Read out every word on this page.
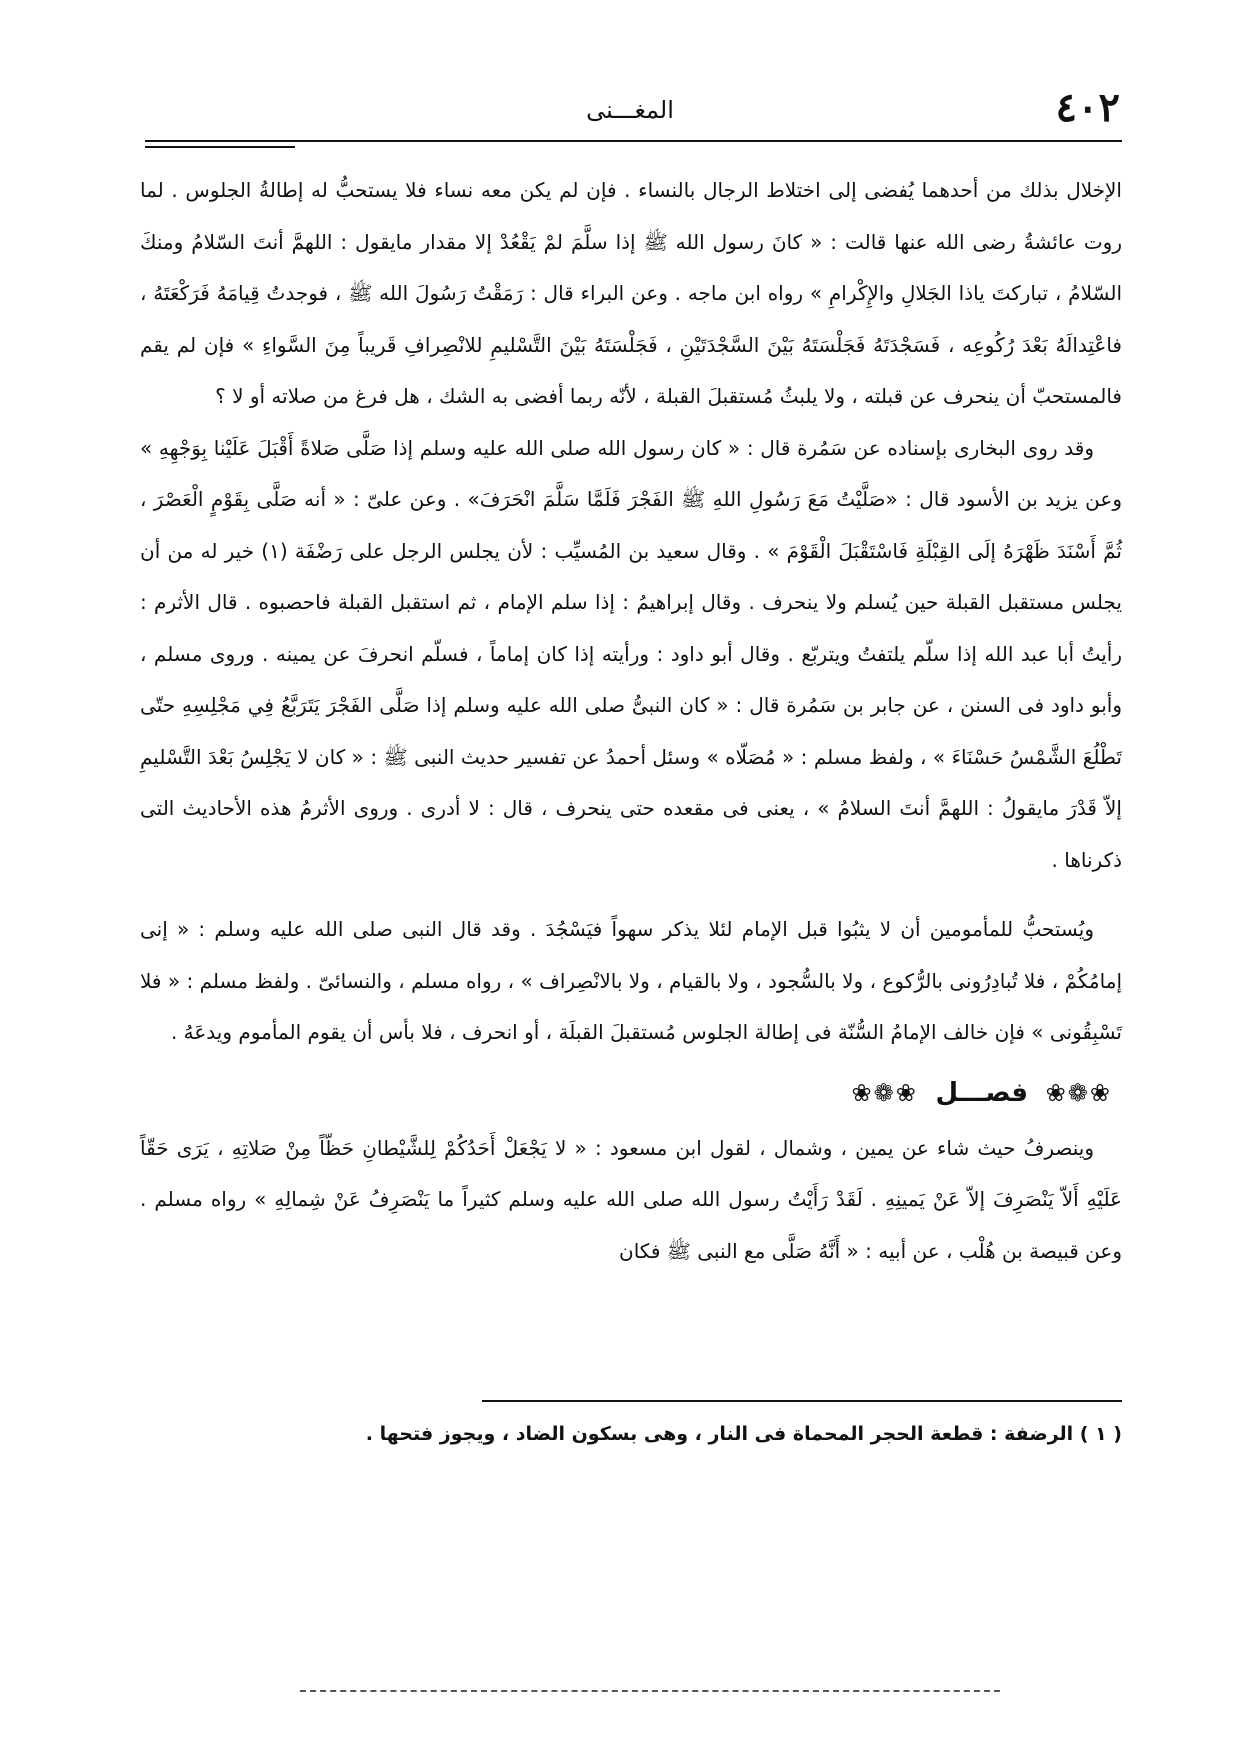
٤٠٢
المغـــنى

الإخلال بذلك من أحدهما يُفضى إلى اختلاط الرجال بالنساء . فإن لم يكن معه نساء فلا يستحبُّ له إطالةُ الجلوس . لما روت عائشةُ رضى الله عنها قالت : « كانَ رسول الله ﷺ إذا سلَّمَ لمْ يَقْعُدْ إلا مقدار مايقول : اللهمَّ أنتَ السّلامُ ومنكَ السّلامُ ، تباركتَ ياذا الجَلالِ والإِكْرامِ » رواه ابن ماجه . وعن البراء قال : رَمَقْتُ رَسُولَ الله ﷺ ، فوجدتُ قِيامَهُ فَرَكْعَتَهُ ، فاعْتِدالَهُ بَعْدَ رُكُوعِه ، فَسَجْدَتَهُ فَجَلْسَتَهُ بَيْنَ السَّجْدَتَيْنِ ، فَجَلْسَتَهُ بَيْنَ التَّسْليمِ للانْصِرافِ قَريباً مِنَ السَّواءِ » فإن لم يقم فالمستحبّ أن ينحرف عن قبلته ، ولا يلبثُ مُستقبلَ القبلة ، لأنّه ربما أفضى به الشك ، هل فرغ من صلاته أو لا ؟

وقد روى البخارى بإسناده عن سَمُرة قال : « كان رسول الله صلى الله عليه وسلم إذا صَلَّى صَلاةً أَقْبَلَ عَلَيْنا بِوَجْهِهِ » وعن يزيد بن الأسود قال : «صَلَّيْتُ مَعَ رَسُولِ اللهِ ﷺ الفَجْرَ فَلَمَّا سَلَّمَ انْحَرَفَ» . وعن علىّ : « أنه صَلَّى بِقَوْمٍ الْعَصْرَ ، ثُمَّ أَسْنَدَ ظَهْرَهُ إلَى القِبْلَةِ فَاسْتَقْبَلَ الْقَوْمَ » . وقال سعيد بن المُسيِّب : لأن يجلس الرجل على رَضْفَة (١) خير له من أن يجلس مستقبل القبلة حين يُسلم ولا ينحرف . وقال إبراهيمُ : إذا سلم الإمام ، ثم استقبل القبلة فاحصبوه . قال الأثرم : رأيتُ أبا عبد الله إذا سلّم يلتفتُ ويتربّع . وقال أبو داود : ورأيته إذا كان إماماً ، فسلّم انحرفَ عن يمينه . وروى مسلم ، وأبو داود فى السنن ، عن جابر بن سَمُرة قال : « كان النبىُّ صلى الله عليه وسلم إذا صَلَّى الفَجْرَ يَتَرَبَّعُ فِي مَجْلِسِهِ حتّى تَطْلُعَ الشَّمْسُ حَسْنَاءَ » ، ولفظ مسلم : « مُصَلّاه » وسئل أحمدُ عن تفسير حديث النبى ﷺ : « كان لا يَجْلِسُ بَعْدَ التَّسْليمِ إلاّ قَدْرَ مايقولُ : اللهمَّ أنتَ السلامُ » ، يعنى فى مقعده حتى ينحرف ، قال : لا أدرى . وروى الأثرمُ هذه الأحاديث التى ذكرناها .

ويُستحبُّ للمأمومين أن لا يثبُوا قبل الإمام لئلا يذكر سهواً فيَسْجُدَ . وقد قال النبى صلى الله عليه وسلم : « إنى إمامُكُمْ ، فلا تُبادِرُونى بالرُّكوع ، ولا بالسُّجود ، ولا بالقيام ، ولا بالانْصِراف » ، رواه مسلم ، والنسائىّ . ولفظ مسلم : « فلا تَسْبِقُونى » فإن خالف الإمامُ السُّنّة فى إطالة الجلوس مُستقبلَ القبلَة ، أو انحرف ، فلا بأس أن يقوم المأموم ويدعَهُ .

❀❁❀ فصـــل ❀❁❀

وينصرفُ حيث شاء عن يمين ، وشمال ، لقول ابن مسعود : « لا يَجْعَلْ أَحَدُكُمْ لِلشَّيْطانِ حَظّاً مِنْ صَلاتِهِ ، يَرَى حَقّاً عَلَيْهِ أَلاّ يَنْصَرِفَ إلاّ عَنْ يَمينِهِ . لَقَدْ رَأَيْتُ رسول الله صلى الله عليه وسلم كثيراً ما يَنْصَرِفُ عَنْ شِمالِهِ » رواه مسلم . وعن قبيصة بن هُلْب ، عن أبيه : « أَنَّهُ صَلَّى مع النبى ﷺ فكان

( ١ ) الرضفة : قطعة الحجر المحماة فى النار ، وهى بسكون الضاد ، ويجوز فتحها .
